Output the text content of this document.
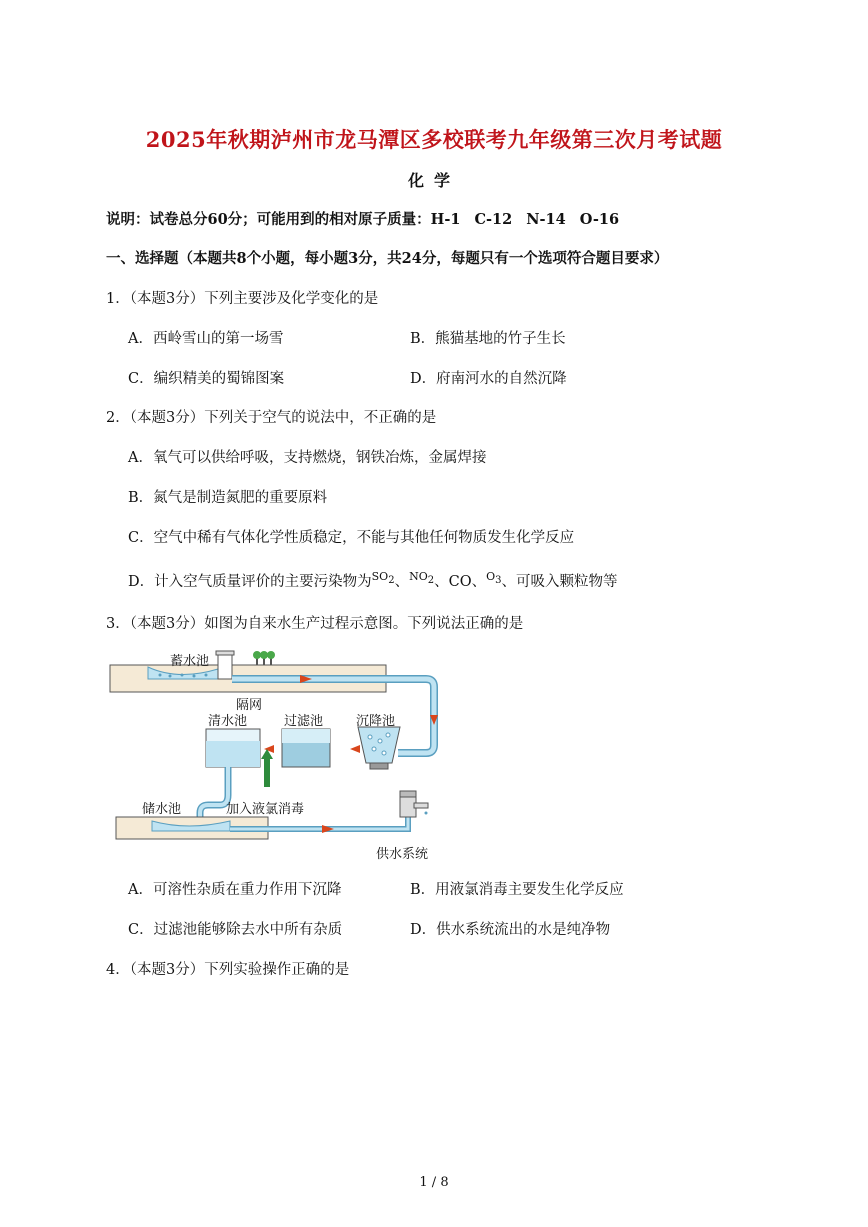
2025年秋期泸州市龙马潭区多校联考九年级第三次月考试题
化学
说明：试卷总分60分；可能用到的相对原子质量：H-1 C-12 N-14 O-16
一、选择题（本题共8个小题，每小题3分，共24分，每题只有一个选项符合题目要求）
1．（本题3分）下列主要涉及化学变化的是
A．西岭雪山的第一场雪	B．熊猫基地的竹子生长
C．编织精美的蜀锦图案	D．府南河水的自然沉降
2．（本题3分）下列关于空气的说法中，不正确的是
A．氧气可以供给呼吸，支持燃烧，钢铁冶炼，金属焊接
B．氮气是制造氮肥的重要原料
C．空气中稀有气体化学性质稳定，不能与其他任何物质发生化学反应
D．计入空气质量评价的主要污染物为$^{SO2}$、$^{NO2}$、CO、$^{O3}$、可吸入颗粒物等
3．（本题3分）如图为自来水生产过程示意图。下列说法正确的是
蓄水池
隔网
清水池	过滤池	沉降池
储水池	加入液氯消毒
供水系统
A．可溶性杂质在重力作用下沉降	B．用液氯消毒主要发生化学反应
C．过滤池能够除去水中所有杂质	D．供水系统流出的水是纯净物
4．（本题3分）下列实验操作正确的是
1 / 8
